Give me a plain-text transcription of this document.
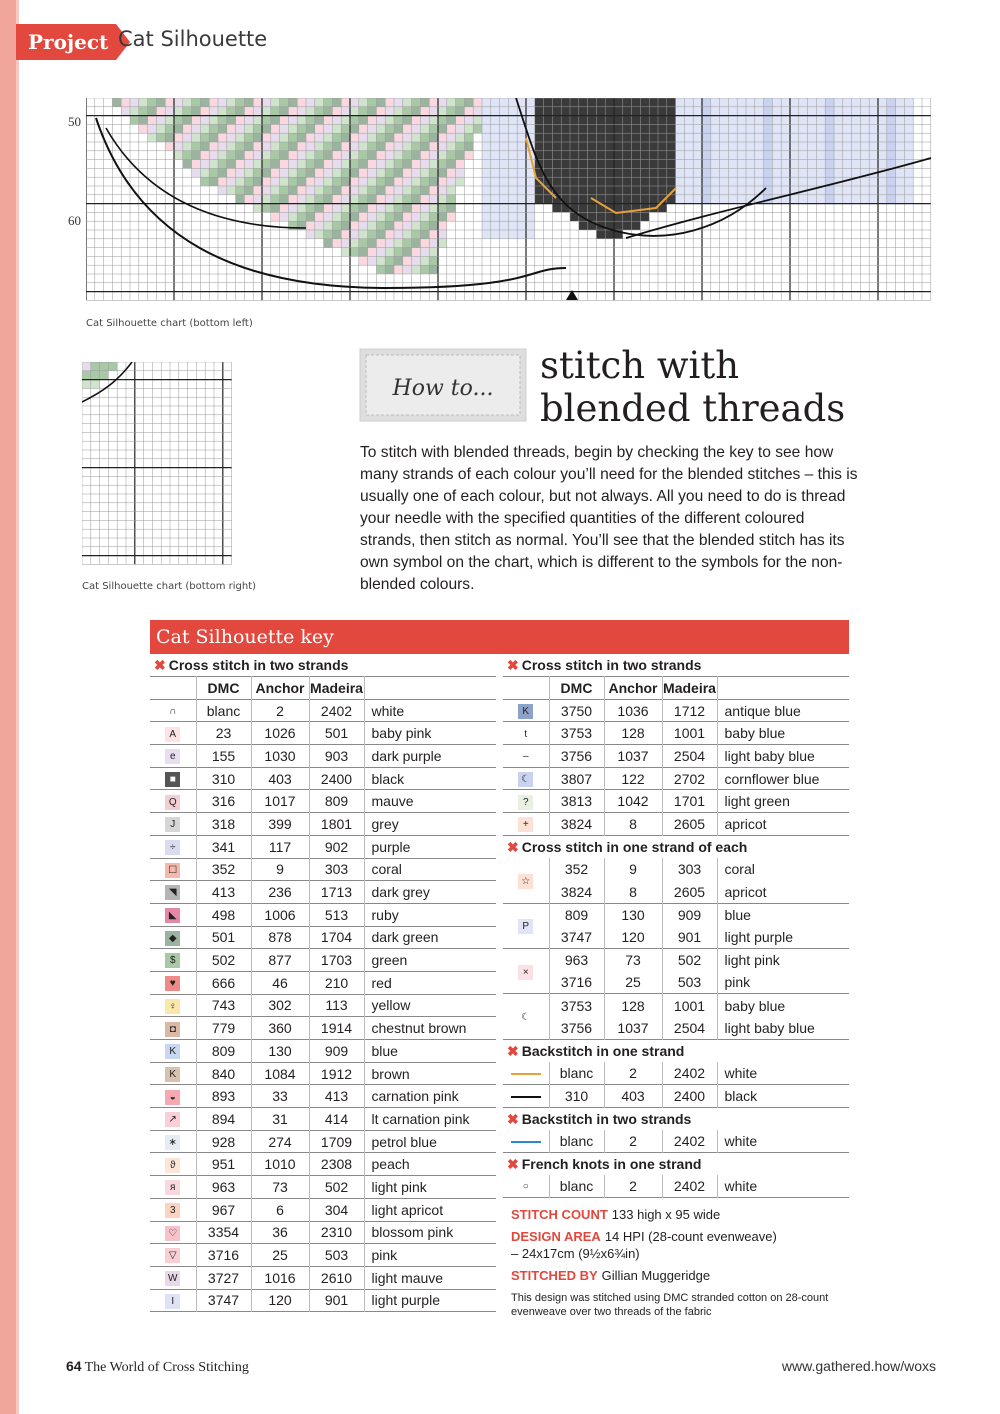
Project Cat Silhouette
50
60
Cat Silhouette chart (bottom left)
Cat Silhouette chart (bottom right)
How to...
stitch with
blended threads
To stitch with blended threads, begin by checking the key to see how many strands of each colour you’ll need for the blended stitches – this is usually one of each colour, but not always. All you need to do is thread your needle with the specified quantities of the different coloured strands, then stitch as normal. You’ll see that the blended stitch has its own symbol on the chart, which is different to the symbols for the non-blended colours.
Cat Silhouette key
✖ Cross stitch in two strands
	DMC	Anchor	Madeira	
∩	blanc	2	2402	white
A	23	1026	501	baby pink
e	155	1030	903	dark purple
■	310	403	2400	black
Q	316	1017	809	mauve
J	318	399	1801	grey
÷	341	117	902	purple
☐	352	9	303	coral
◥	413	236	1713	dark grey
◣	498	1006	513	ruby
◆	501	878	1704	dark green
$	502	877	1703	green
♥	666	46	210	red
♀	743	302	113	yellow
◘	779	360	1914	chestnut brown
K	809	130	909	blue
K	840	1084	1912	brown
◒	893	33	413	carnation pink
↗	894	31	414	lt carnation pink
∗	928	274	1709	petrol blue
ϑ	951	1010	2308	peach
я	963	73	502	light pink
3	967	6	304	light apricot
♡	3354	36	2310	blossom pink
▽	3716	25	503	pink
W	3727	1016	2610	light mauve
I	3747	120	901	light purple
✖ Cross stitch in two strands
	DMC	Anchor	Madeira	
K	3750	1036	1712	antique blue
t	3753	128	1001	baby blue
–	3756	1037	2504	light baby blue
☾	3807	122	2702	cornflower blue
?	3813	1042	1701	light green
+	3824	8	2605	apricot
✖ Cross stitch in one strand of each
☆	352	9	303	coral
	3824	8	2605	apricot
P	809	130	909	blue
	3747	120	901	light purple
×	963	73	502	light pink
	3716	25	503	pink
☾	3753	128	1001	baby blue
	3756	1037	2504	light baby blue
✖ Backstitch in one strand
	blanc	2	2402	white
	310	403	2400	black
✖ Backstitch in two strands
	blanc	2	2402	white
✖ French knots in one strand
○	blanc	2	2402	white
STITCH COUNT 133 high x 95 wide
DESIGN AREA 14 HPI (28-count evenweave)
– 24x17cm (9½x6¾in)
STITCHED BY Gillian Muggeridge
This design was stitched using DMC stranded cotton on 28-count evenweave over two threads of the fabric
64 The World of Cross Stitching	www.gathered.how/woxs
